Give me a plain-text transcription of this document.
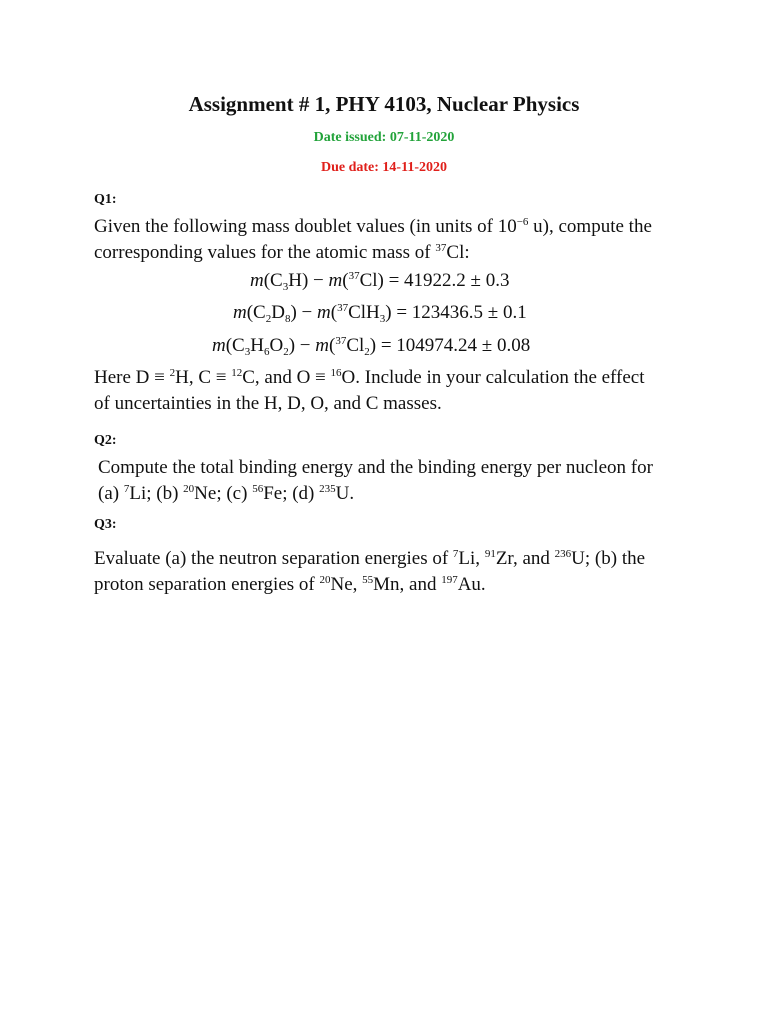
Assignment # 1, PHY 4103, Nuclear Physics
Date issued: 07-11-2020
Due date: 14-11-2020
Q1:
Given the following mass doublet values (in units of $10^{-6}$ u), compute the
corresponding values for the atomic mass of $^{37}$Cl:
$m(C_3H) - m(^{37}Cl) = 41922.2 \pm 0.3$
$m(C_2D_8) - m(^{37}ClH_3) = 123436.5 \pm 0.1$
$m(C_3H_6O_2) - m(^{37}Cl_2) = 104974.24 \pm 0.08$
Here D ≡ $^2$H, C ≡ $^{12}$C, and O ≡ $^{16}$O. Include in your calculation the effect
of uncertainties in the H, D, O, and C masses.
Q2:
Compute the total binding energy and the binding energy per nucleon for
(a) $^7$Li; (b) $^{20}$Ne; (c) $^{56}$Fe; (d) $^{235}$U.
Q3:
Evaluate (a) the neutron separation energies of $^7$Li, $^{91}$Zr, and $^{236}$U; (b) the
proton separation energies of $^{20}$Ne, $^{55}$Mn, and $^{197}$Au.
